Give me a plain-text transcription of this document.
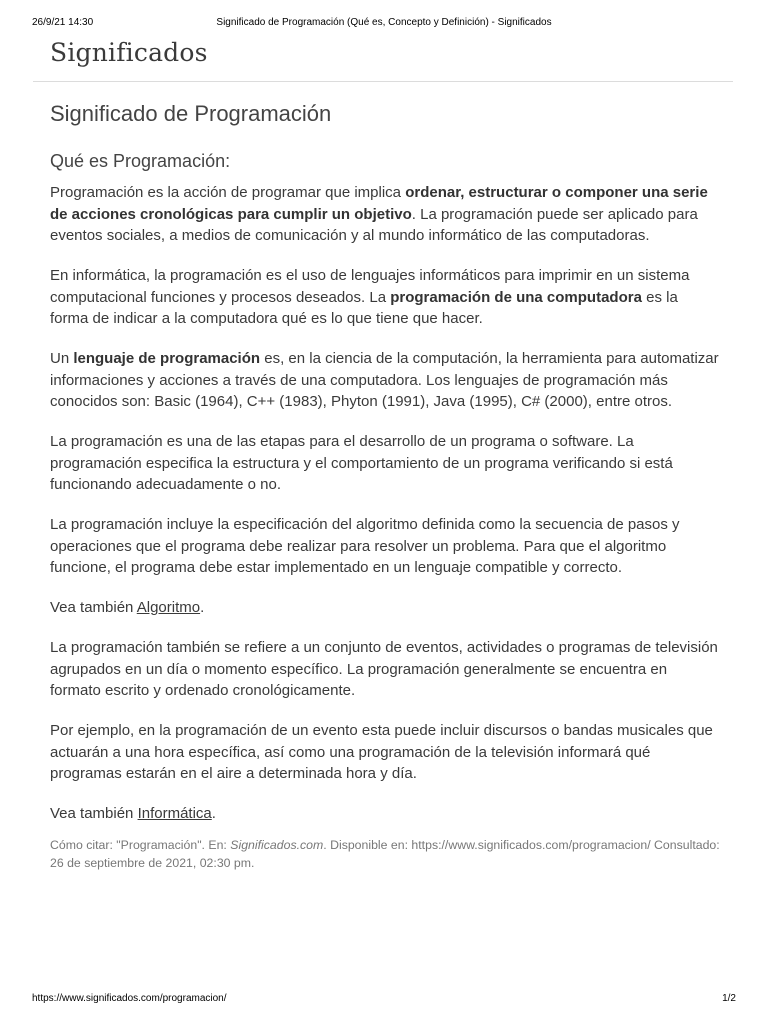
26/9/21 14:30	Significado de Programación (Qué es, Concepto y Definición) - Significados
Significados
Significado de Programación
Qué es Programación:

Programación es la acción de programar que implica ordenar, estructurar o componer una serie de acciones cronológicas para cumplir un objetivo. La programación puede ser aplicado para eventos sociales, a medios de comunicación y al mundo informático de las computadoras.

En informática, la programación es el uso de lenguajes informáticos para imprimir en un sistema computacional funciones y procesos deseados. La programación de una computadora es la forma de indicar a la computadora qué es lo que tiene que hacer.

Un lenguaje de programación es, en la ciencia de la computación, la herramienta para automatizar informaciones y acciones a través de una computadora. Los lenguajes de programación más conocidos son: Basic (1964), C++ (1983), Phyton (1991), Java (1995), C# (2000), entre otros.

La programación es una de las etapas para el desarrollo de un programa o software. La programación especifica la estructura y el comportamiento de un programa verificando si está funcionando adecuadamente o no.

La programación incluye la especificación del algoritmo definida como la secuencia de pasos y operaciones que el programa debe realizar para resolver un problema. Para que el algoritmo funcione, el programa debe estar implementado en un lenguaje compatible y correcto.

Vea también Algoritmo.

La programación también se refiere a un conjunto de eventos, actividades o programas de televisión agrupados en un día o momento específico. La programación generalmente se encuentra en formato escrito y ordenado cronológicamente.

Por ejemplo, en la programación de un evento esta puede incluir discursos o bandas musicales que actuarán a una hora específica, así como una programación de la televisión informará qué programas estarán en el aire a determinada hora y día.

Vea también Informática.

Cómo citar: "Programación". En: Significados.com. Disponible en: https://www.significados.com/programacion/ Consultado: 26 de septiembre de 2021, 02:30 pm.
https://www.significados.com/programacion/	1/2
